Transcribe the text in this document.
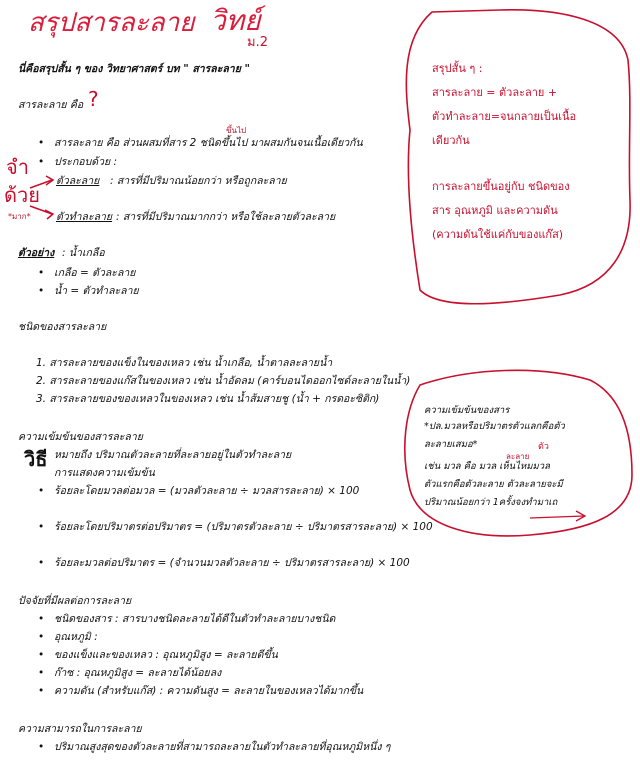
สรุปสารละลาย วิทย์
ม.2
นี่คือสรุปสั้น ๆ ของ วิทยาศาสตร์ บท " สารละลาย "
สารละลาย คือ ?
• สารละลาย คือ ส่วนผสมที่สาร 2 ชนิดขึ้นไป มาผสมกันจนเนื้อเดียวกัน
ขึ้นไป
• ประกอบด้วย :
จำ
ด้วย
*มาก*
ตัวละลาย : สารที่มีปริมาณน้อยกว่า หรือถูกละลาย
ตัวทำละลาย : สารที่มีปริมาณมากกว่า หรือใช้ละลายตัวละลาย
ตัวอย่าง : น้ำเกลือ
• เกลือ = ตัวละลาย
• น้ำ = ตัวทำละลาย
ชนิดของสารละลาย
1. สารละลายของแข็งในของเหลว เช่น น้ำเกลือ, น้ำตาลละลายน้ำ
2. สารละลายของแก๊สในของเหลว เช่น น้ำอัดลม (คาร์บอนไดออกไซด์ละลายในน้ำ)
3. สารละลายของของเหลวในของเหลว เช่น น้ำส้มสายชู (น้ำ + กรดอะซิติก)
ความเข้มข้นของสารละลาย
หมายถึง ปริมาณตัวละลายที่ละลายอยู่ในตัวทำละลาย
การแสดงความเข้มข้น
วิธี
• ร้อยละโดยมวลต่อมวล = (มวลตัวละลาย ÷ มวลสารละลาย) × 100
• ร้อยละโดยปริมาตรต่อปริมาตร = (ปริมาตรตัวละลาย ÷ ปริมาตรสารละลาย) × 100
• ร้อยละมวลต่อปริมาตร = (จำนวนมวลตัวละลาย ÷ ปริมาตรสารละลาย) × 100
ปัจจัยที่มีผลต่อการละลาย
• ชนิดของสาร : สารบางชนิดละลายได้ดีในตัวทำละลายบางชนิด
• อุณหภูมิ :
• ของแข็งและของเหลว : อุณหภูมิสูง = ละลายดีขึ้น
• ก๊าซ : อุณหภูมิสูง = ละลายได้น้อยลง
• ความดัน (สำหรับแก๊ส) : ความดันสูง = ละลายในของเหลวได้มากขึ้น
ความสามารถในการละลาย
• ปริมาณสูงสุดของตัวละลายที่สามารถละลายในตัวทำละลายที่อุณหภูมิหนึ่ง ๆ
สรุปสั้น ๆ :
สารละลาย = ตัวละลาย +
ตัวทำละลาย=จนกลายเป็นเนื้อ
เดียวกัน
การละลายขึ้นอยู่กับ ชนิดของ
สาร อุณหภูมิ และความดัน
(ความดันใช้แค่กับของแก๊ส)
ความเข้มข้นของสาร
*ปล.มวลหรือปริมาตรตัวแลกคือตัว
ละลายเสมอ*
ละลาย
ตัว
เช่น มวล คือ มวล เห็นไหมมวล
ตัวแรกคือตัวละลาย ตัวละลายจะมี
ปริมาณน้อยกว่า 1ครั้งจงทำมาเถ
